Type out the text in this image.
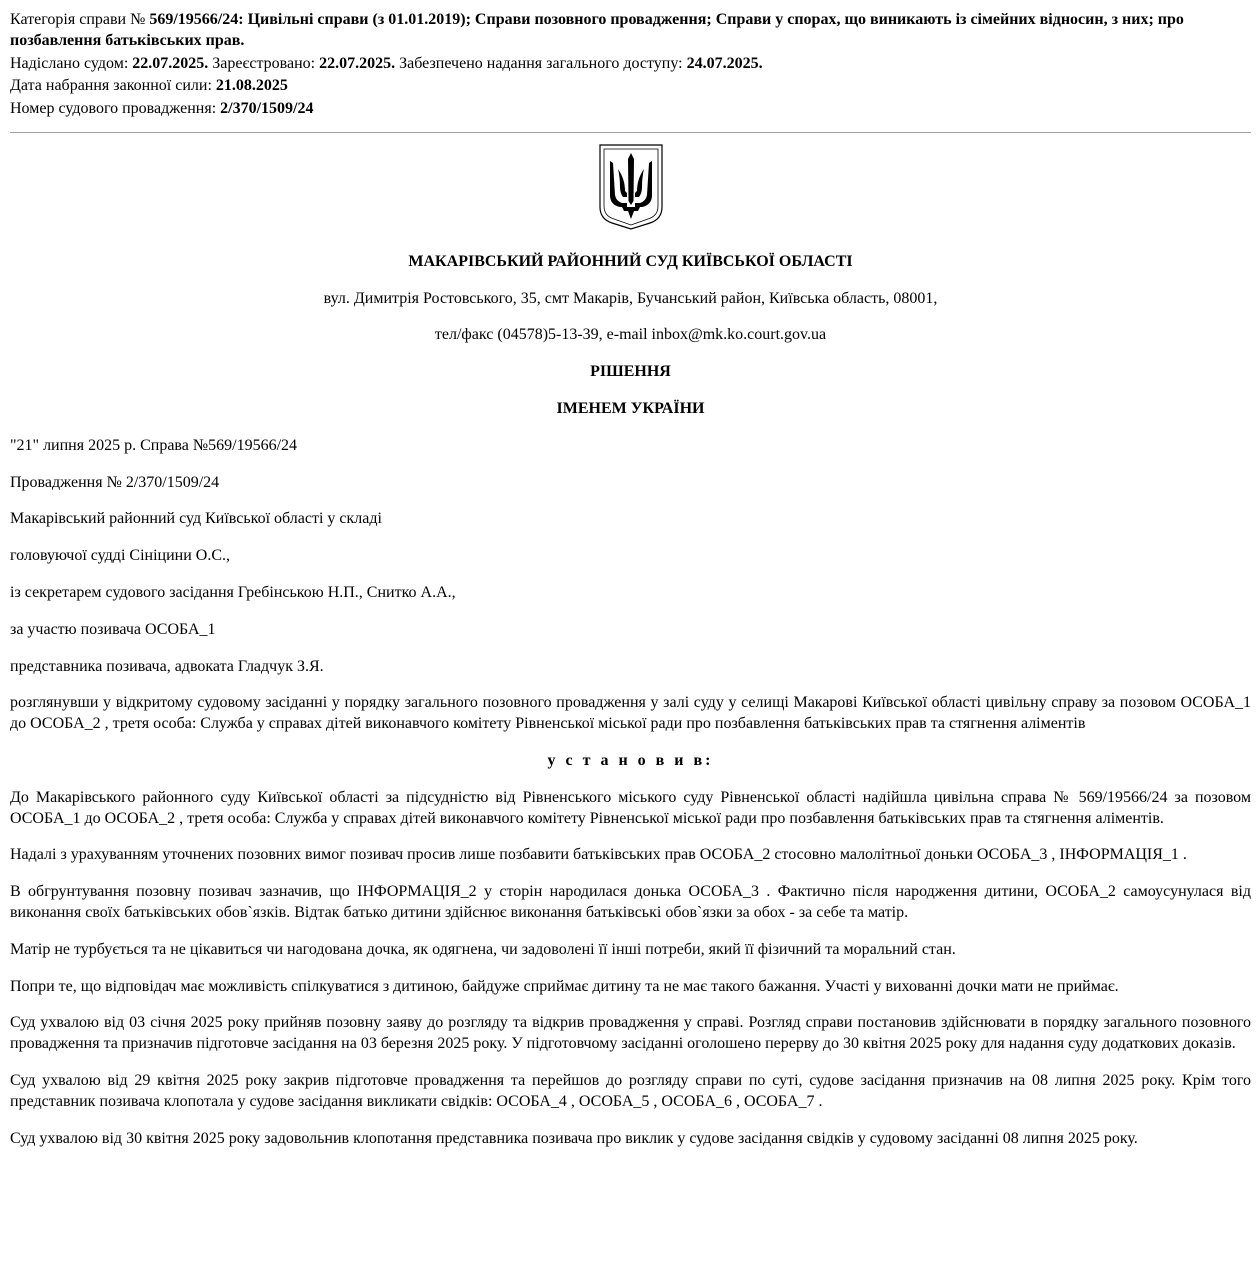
Категорія справи № 569/19566/24: Цивільні справи (з 01.01.2019); Справи позовного провадження; Справи у спорах, що виникають із сімейних відносин, з них; про позбавлення батьківських прав.
Надіслано судом: 22.07.2025. Зареєстровано: 22.07.2025. Забезпечено надання загального доступу: 24.07.2025.
Дата набрання законної сили: 21.08.2025
Номер судового провадження: 2/370/1509/24
МАКАРІВСЬКИЙ РАЙОННИЙ СУД КИЇВСЬКОЇ ОБЛАСТІ
вул. Димитрія Ростовського, 35, смт Макарів, Бучанський район, Київська область, 08001,
тел/факс (04578)5-13-39, e-mail inbox@mk.ko.court.gov.ua
РІШЕННЯ
ІМЕНЕМ УКРАЇНИ

"21" липня 2025 р. Справа №569/19566/24

Провадження № 2/370/1509/24

Макарівський районний суд Київської області у складі

головуючої судді Сініцини О.С.,

із секретарем судового засідання Гребінською Н.П., Снитко А.А.,

за участю позивача ОСОБА_1

представника позивача, адвоката Гладчук З.Я.

розглянувши у відкритому судовому засіданні у порядку загального позовного провадження у залі суду у селищі Макарові Київської області цивільну справу за позовом ОСОБА_1 до ОСОБА_2 , третя особа: Служба у справах дітей виконавчого комітету Рівненської міської ради про позбавлення батьківських прав та стягнення аліментів

у с т а н о в и в:

До Макарівського районного суду Київської області за підсудністю від Рівненського міського суду Рівненської області надійшла цивільна справа № 569/19566/24 за позовом ОСОБА_1 до ОСОБА_2 , третя особа: Служба у справах дітей виконавчого комітету Рівненської міської ради про позбавлення батьківських прав та стягнення аліментів.

Надалі з урахуванням уточнених позовних вимог позивач просив лише позбавити батьківських прав ОСОБА_2 стосовно малолітньої доньки ОСОБА_3 , ІНФОРМАЦІЯ_1 .

В обгрунтування позовну позивач зазначив, що ІНФОРМАЦІЯ_2 у сторін народилася донька ОСОБА_3 . Фактично після народження дитини, ОСОБА_2 самоусунулася від виконання своїх батьківських обов`язків. Відтак батько дитини здійснює виконання батьківські обов`язки за обох - за себе та матір.

Матір не турбується та не цікавиться чи нагодована дочка, як одягнена, чи задоволені її інші потреби, який її фізичний та моральний стан.

Попри те, що відповідач має можливість спілкуватися з дитиною, байдуже сприймає дитину та не має такого бажання. Участі у вихованні дочки мати не приймає.

Суд ухвалою від 03 січня 2025 року прийняв позовну заяву до розгляду та відкрив провадження у справі. Розгляд справи постановив здійснювати в порядку загального позовного провадження та призначив підготовче засідання на 03 березня 2025 року. У підготовчому засіданні оголошено перерву до 30 квітня 2025 року для надання суду додаткових доказів.

Суд ухвалою від 29 квітня 2025 року закрив підготовче провадження та перейшов до розгляду справи по суті, судове засідання призначив на 08 липня 2025 року. Крім того представник позивача клопотала у судове засідання викликати свідків: ОСОБА_4 , ОСОБА_5 , ОСОБА_6 , ОСОБА_7 .

Суд ухвалою від 30 квітня 2025 року задовольнив клопотання представника позивача про виклик у судове засідання свідків у судовому засіданні 08 липня 2025 року.
